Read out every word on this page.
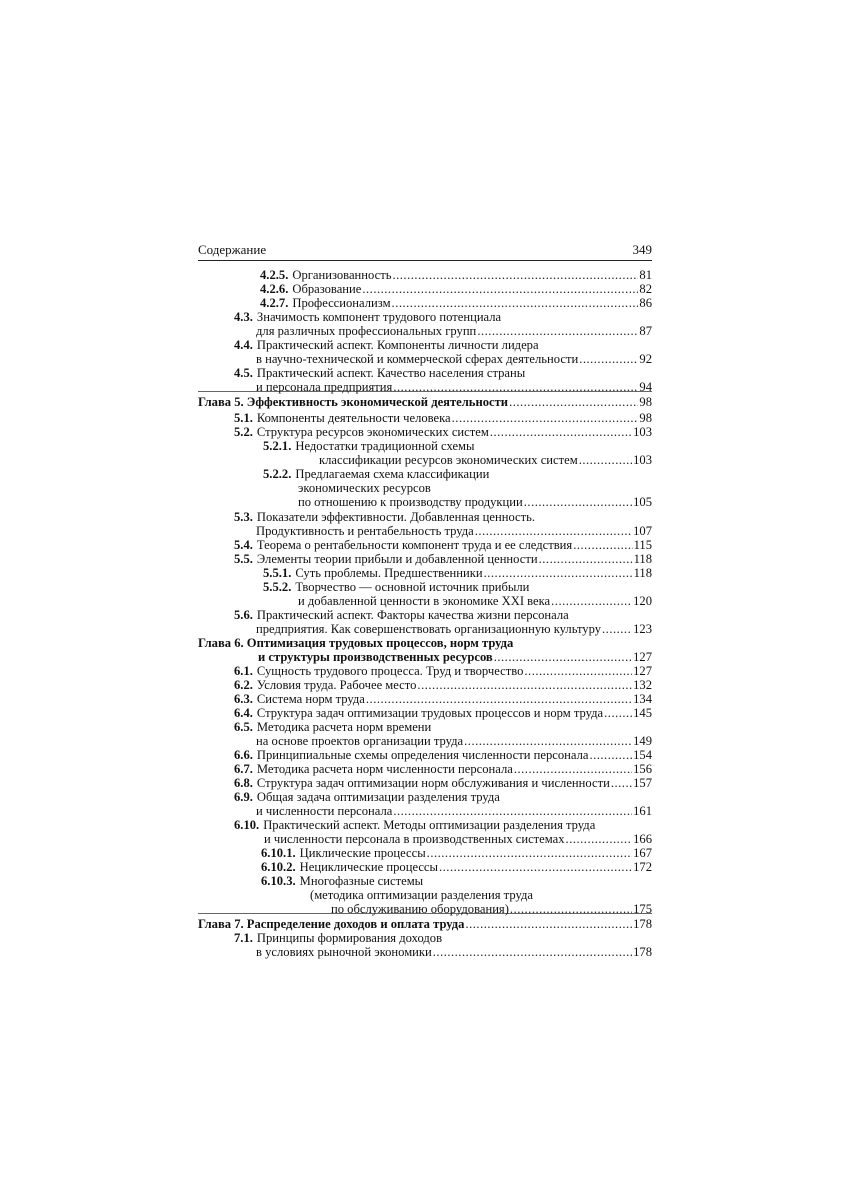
Содержание	349
4.2.5. Организованность .....	81
4.2.6. Образование .....	82
4.2.7. Профессионализм .....	86
4.3. Значимость компонент трудового потенциала
для различных профессиональных групп .....	87
4.4. Практический аспект. Компоненты личности лидера
в научно-технической и коммерческой сферах деятельности .....	92
4.5. Практический аспект. Качество населения страны
и персонала предприятия .....	94
Глава 5. Эффективность экономической деятельности .....	98
5.1. Компоненты деятельности человека .....	98
5.2. Структура ресурсов экономических систем .....	103
5.2.1. Недостатки традиционной схемы
классификации ресурсов экономических систем .....	103
5.2.2. Предлагаемая схема классификации
экономических ресурсов
по отношению к производству продукции .....	105
5.3. Показатели эффективности. Добавленная ценность.
Продуктивность и рентабельность труда .....	107
5.4. Теорема о рентабельности компонент труда и ее следствия .....	115
5.5. Элементы теории прибыли и добавленной ценности .....	118
5.5.1. Суть проблемы. Предшественники .....	118
5.5.2. Творчество — основной источник прибыли
и добавленной ценности в экономике XXI века .....	120
5.6. Практический аспект. Факторы качества жизни персонала
предприятия. Как совершенствовать организационную культуру .....	123
Глава 6. Оптимизация трудовых процессов, норм труда
и структуры производственных ресурсов .....	127
6.1. Сущность трудового процесса. Труд и творчество .....	127
6.2. Условия труда. Рабочее место .....	132
6.3. Система норм труда .....	134
6.4. Структура задач оптимизации трудовых процессов и норм труда ..... 145
6.5. Методика расчета норм времени
на основе проектов организации труда .....	149
6.6. Принципиальные схемы определения численности персонала .....	154
6.7. Методика расчета норм численности персонала .....	156
6.8. Структура задач оптимизации норм обслуживания и численности ..... 157
6.9. Общая задача оптимизации разделения труда
и численности персонала .....	161
6.10. Практический аспект. Методы оптимизации разделения труда
и численности персонала в производственных системах .....	166
6.10.1. Циклические процессы .....	167
6.10.2. Нециклические процессы .....	172
6.10.3. Многофазные системы
(методика оптимизации разделения труда
по обслуживанию оборудования) .....	175
Глава 7. Распределение доходов и оплата труда .....	178
7.1. Принципы формирования доходов
в условиях рыночной экономики .....	178
